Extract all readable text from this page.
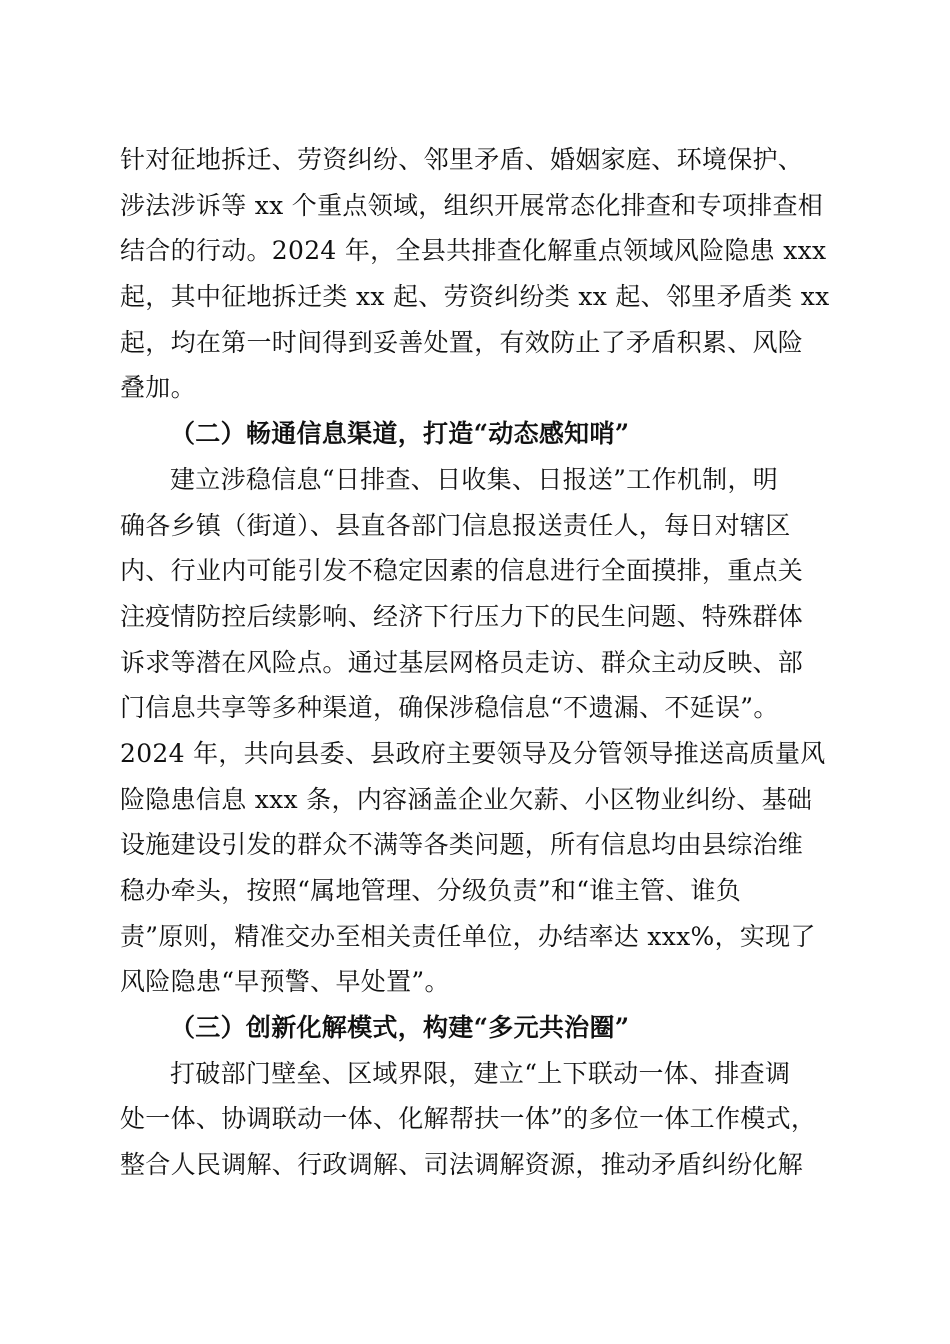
针对征地拆迁、劳资纠纷、邻里矛盾、婚姻家庭、环境保护、
涉法涉诉等 xx 个重点领域，组织开展常态化排查和专项排查相
结合的行动。2024 年，全县共排查化解重点领域风险隐患 xxx
起，其中征地拆迁类 xx 起、劳资纠纷类 xx 起、邻里矛盾类 xx
起，均在第一时间得到妥善处置，有效防止了矛盾积累、风险
叠加。
（二）畅通信息渠道，打造“动态感知哨”
建立涉稳信息“日排查、日收集、日报送”工作机制，明
确各乡镇（街道）、县直各部门信息报送责任人，每日对辖区
内、行业内可能引发不稳定因素的信息进行全面摸排，重点关
注疫情防控后续影响、经济下行压力下的民生问题、特殊群体
诉求等潜在风险点。通过基层网格员走访、群众主动反映、部
门信息共享等多种渠道，确保涉稳信息“不遗漏、不延误”。
2024 年，共向县委、县政府主要领导及分管领导推送高质量风
险隐患信息 xxx 条，内容涵盖企业欠薪、小区物业纠纷、基础
设施建设引发的群众不满等各类问题，所有信息均由县综治维
稳办牵头，按照“属地管理、分级负责”和“谁主管、谁负
责”原则，精准交办至相关责任单位，办结率达 xxx%，实现了
风险隐患“早预警、早处置”。
（三）创新化解模式，构建“多元共治圈”
打破部门壁垒、区域界限，建立“上下联动一体、排查调
处一体、协调联动一体、化解帮扶一体”的多位一体工作模式，
整合人民调解、行政调解、司法调解资源，推动矛盾纠纷化解
